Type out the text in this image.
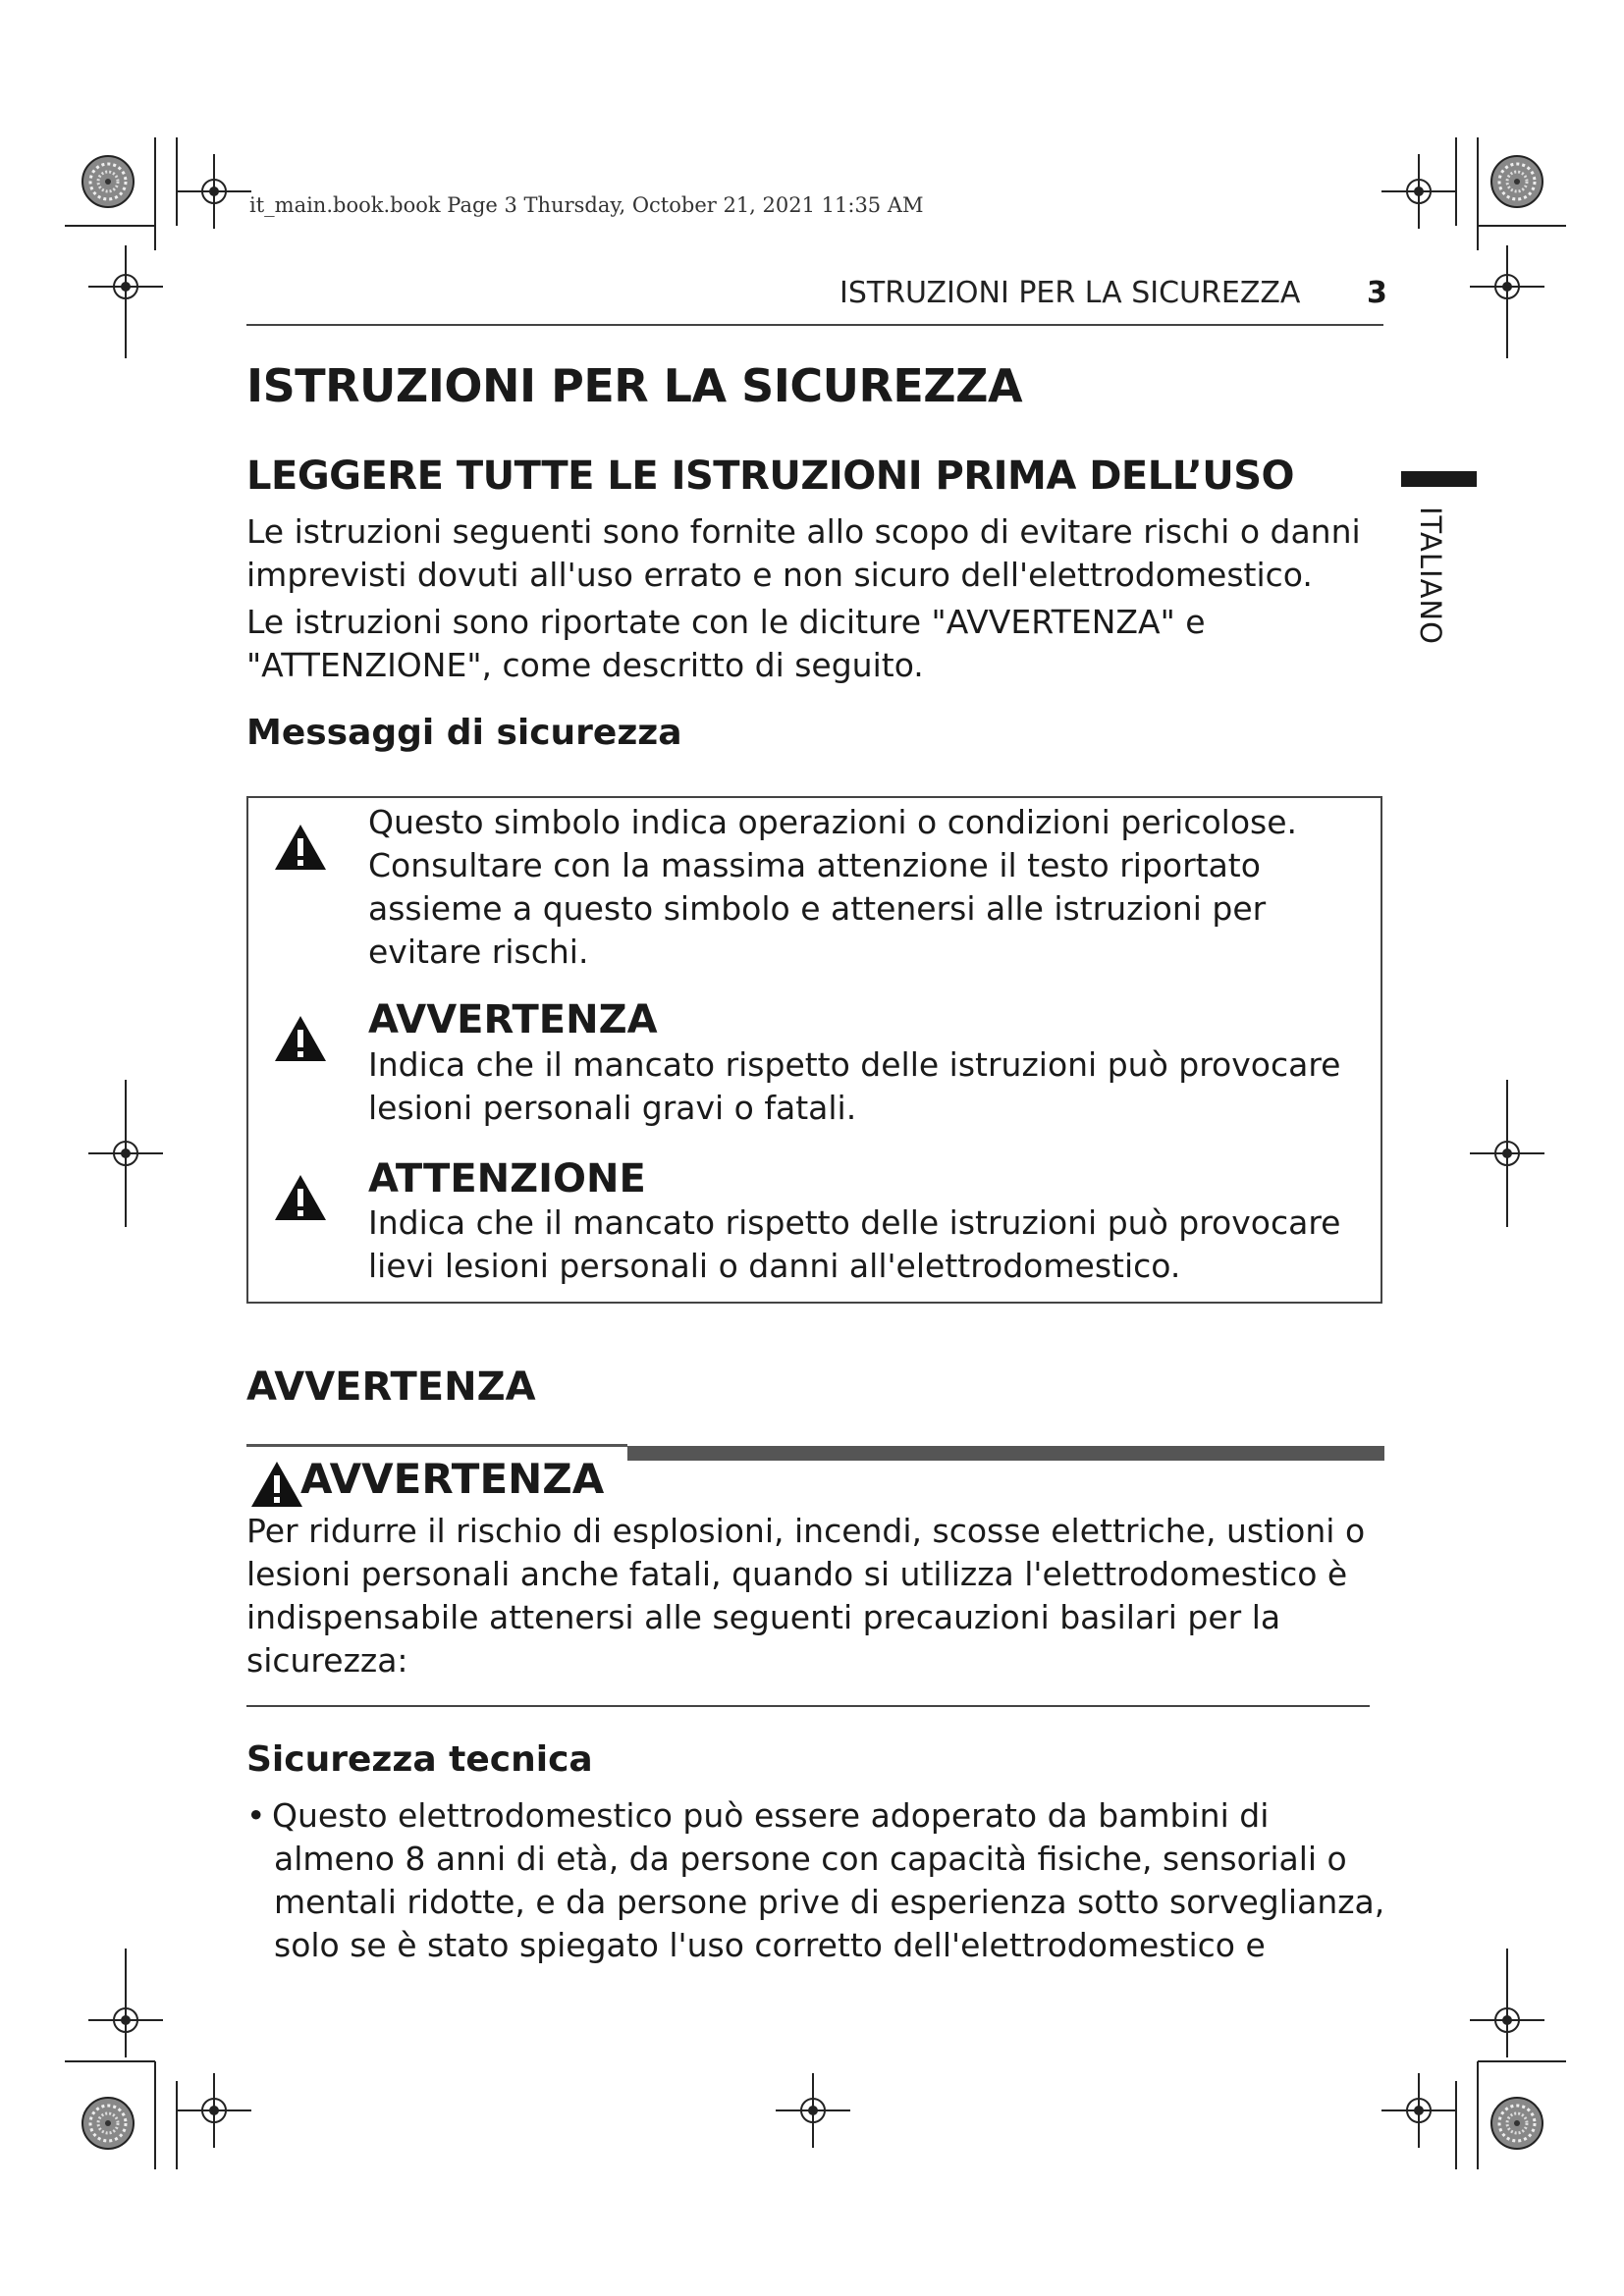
it_main.book.book Page 3 Thursday, October 21, 2021 11:35 AM
ISTRUZIONI PER LA SICUREZZA 3
ITALIANO
ISTRUZIONI PER LA SICUREZZA
LEGGERE TUTTE LE ISTRUZIONI PRIMA DELL’USO
Le istruzioni seguenti sono fornite allo scopo di evitare rischi o danni imprevisti dovuti all'uso errato e non sicuro dell'elettrodomestico.
Le istruzioni sono riportate con le diciture "AVVERTENZA" e "ATTENZIONE", come descritto di seguito.
Messaggi di sicurezza
Questo simbolo indica operazioni o condizioni pericolose. Consultare con la massima attenzione il testo riportato assieme a questo simbolo e attenersi alle istruzioni per evitare rischi.
AVVERTENZA
Indica che il mancato rispetto delle istruzioni può provocare lesioni personali gravi o fatali.
ATTENZIONE
Indica che il mancato rispetto delle istruzioni può provocare lievi lesioni personali o danni all'elettrodomestico.
AVVERTENZA
AVVERTENZA
Per ridurre il rischio di esplosioni, incendi, scosse elettriche, ustioni o lesioni personali anche fatali, quando si utilizza l'elettrodomestico è indispensabile attenersi alle seguenti precauzioni basilari per la sicurezza:
Sicurezza tecnica
• Questo elettrodomestico può essere adoperato da bambini di
almeno 8 anni di età, da persone con capacità fisiche, sensoriali o mentali ridotte, e da persone prive di esperienza sotto sorveglianza, solo se è stato spiegato l'uso corretto dell'elettrodomestico e
